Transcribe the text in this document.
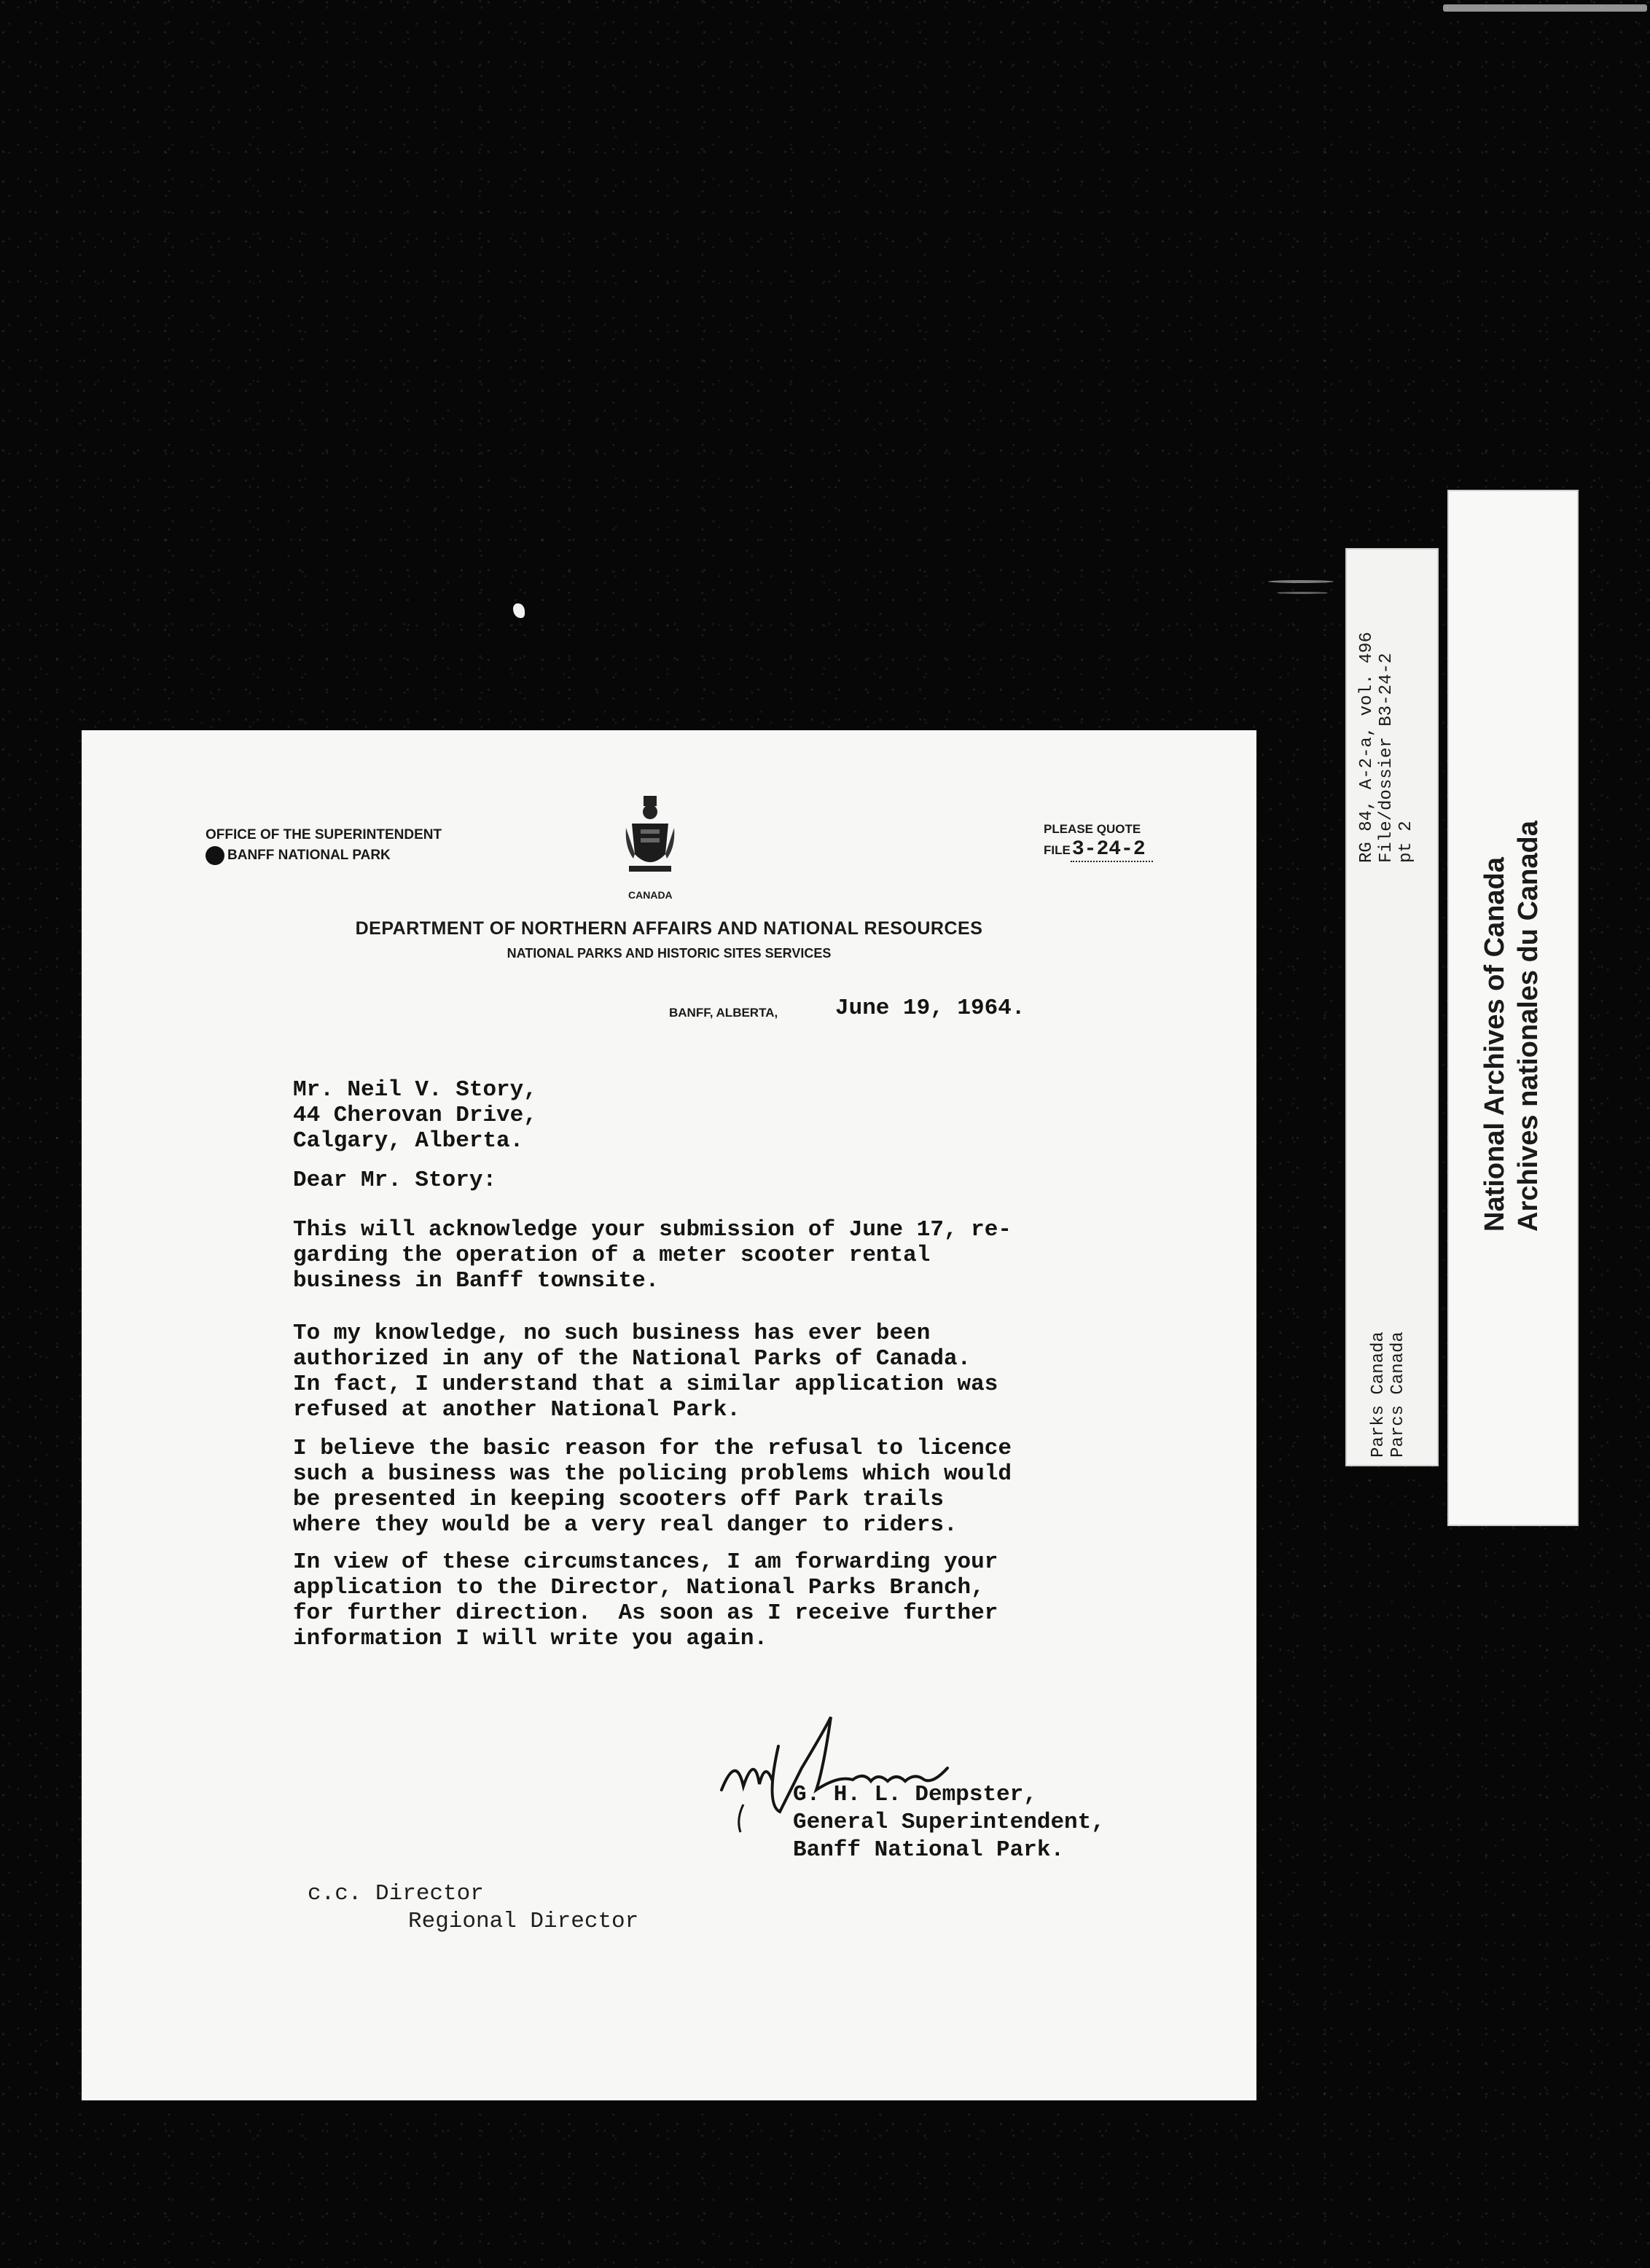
OFFICE OF THE SUPERINTENDENT
BANFF NATIONAL PARK
CANADA
PLEASE QUOTE
FILE3-24-2
DEPARTMENT OF NORTHERN AFFAIRS AND NATIONAL RESOURCES
NATIONAL PARKS AND HISTORIC SITES SERVICES
BANFF, ALBERTA,	June 19, 1964.
Mr. Neil V. Story,
44 Cherovan Drive,
Calgary, Alberta.
Dear Mr. Story:
This will acknowledge your submission of June 17, re-
garding the operation of a meter scooter rental
business in Banff townsite.
To my knowledge, no such business has ever been
authorized in any of the National Parks of Canada.
In fact, I understand that a similar application was
refused at another National Park.
I believe the basic reason for the refusal to licence
such a business was the policing problems which would
be presented in keeping scooters off Park trails
where they would be a very real danger to riders.
In view of these circumstances, I am forwarding your
application to the Director, National Parks Branch,
for further direction.  As soon as I receive further
information I will write you again.
G. H. L. Dempster,
General Superintendent,
Banff National Park.
c.c. Director
Regional Director
RG 84, A-2-a, vol. 496 File/dossier B3-24-2 pt 2
Parks Canada Parcs Canada
National Archives of Canada Archives nationales du Canada
